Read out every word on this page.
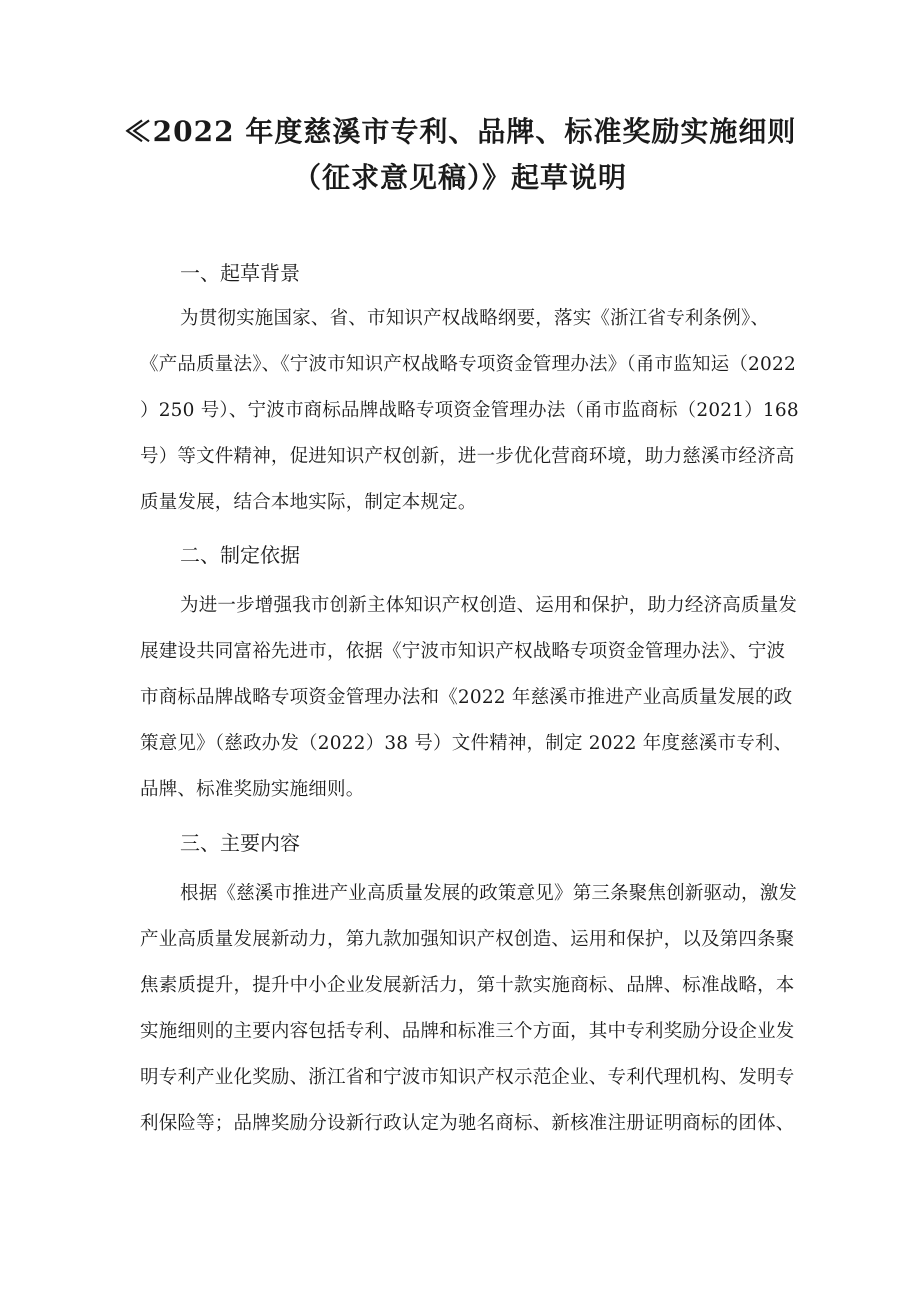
≪2022 年度慈溪市专利、品牌、标准奖励实施细则
（征求意见稿）》起草说明
一、起草背景
为贯彻实施国家、省、市知识产权战略纲要，落实《浙江省专利条例》、
《产品质量法》、《宁波市知识产权战略专项资金管理办法》（甬市监知运（2022
）250 号）、宁波市商标品牌战略专项资金管理办法（甬市监商标（2021）168
号）等文件精神，促进知识产权创新，进一步优化营商环境，助力慈溪市经济高
质量发展，结合本地实际，制定本规定。
二、制定依据
为进一步增强我市创新主体知识产权创造、运用和保护，助力经济高质量发
展建设共同富裕先进市，依据《宁波市知识产权战略专项资金管理办法》、宁波
市商标品牌战略专项资金管理办法和《2022 年慈溪市推进产业高质量发展的政
策意见》（慈政办发（2022）38 号）文件精神，制定 2022 年度慈溪市专利、
品牌、标准奖励实施细则。
三、主要内容
根据《慈溪市推进产业高质量发展的政策意见》第三条聚焦创新驱动，激发
产业高质量发展新动力，第九款加强知识产权创造、运用和保护，以及第四条聚
焦素质提升，提升中小企业发展新活力，第十款实施商标、品牌、标准战略，本
实施细则的主要内容包括专利、品牌和标准三个方面，其中专利奖励分设企业发
明专利产业化奖励、浙江省和宁波市知识产权示范企业、专利代理机构、发明专
利保险等；品牌奖励分设新行政认定为驰名商标、新核准注册证明商标的团体、
